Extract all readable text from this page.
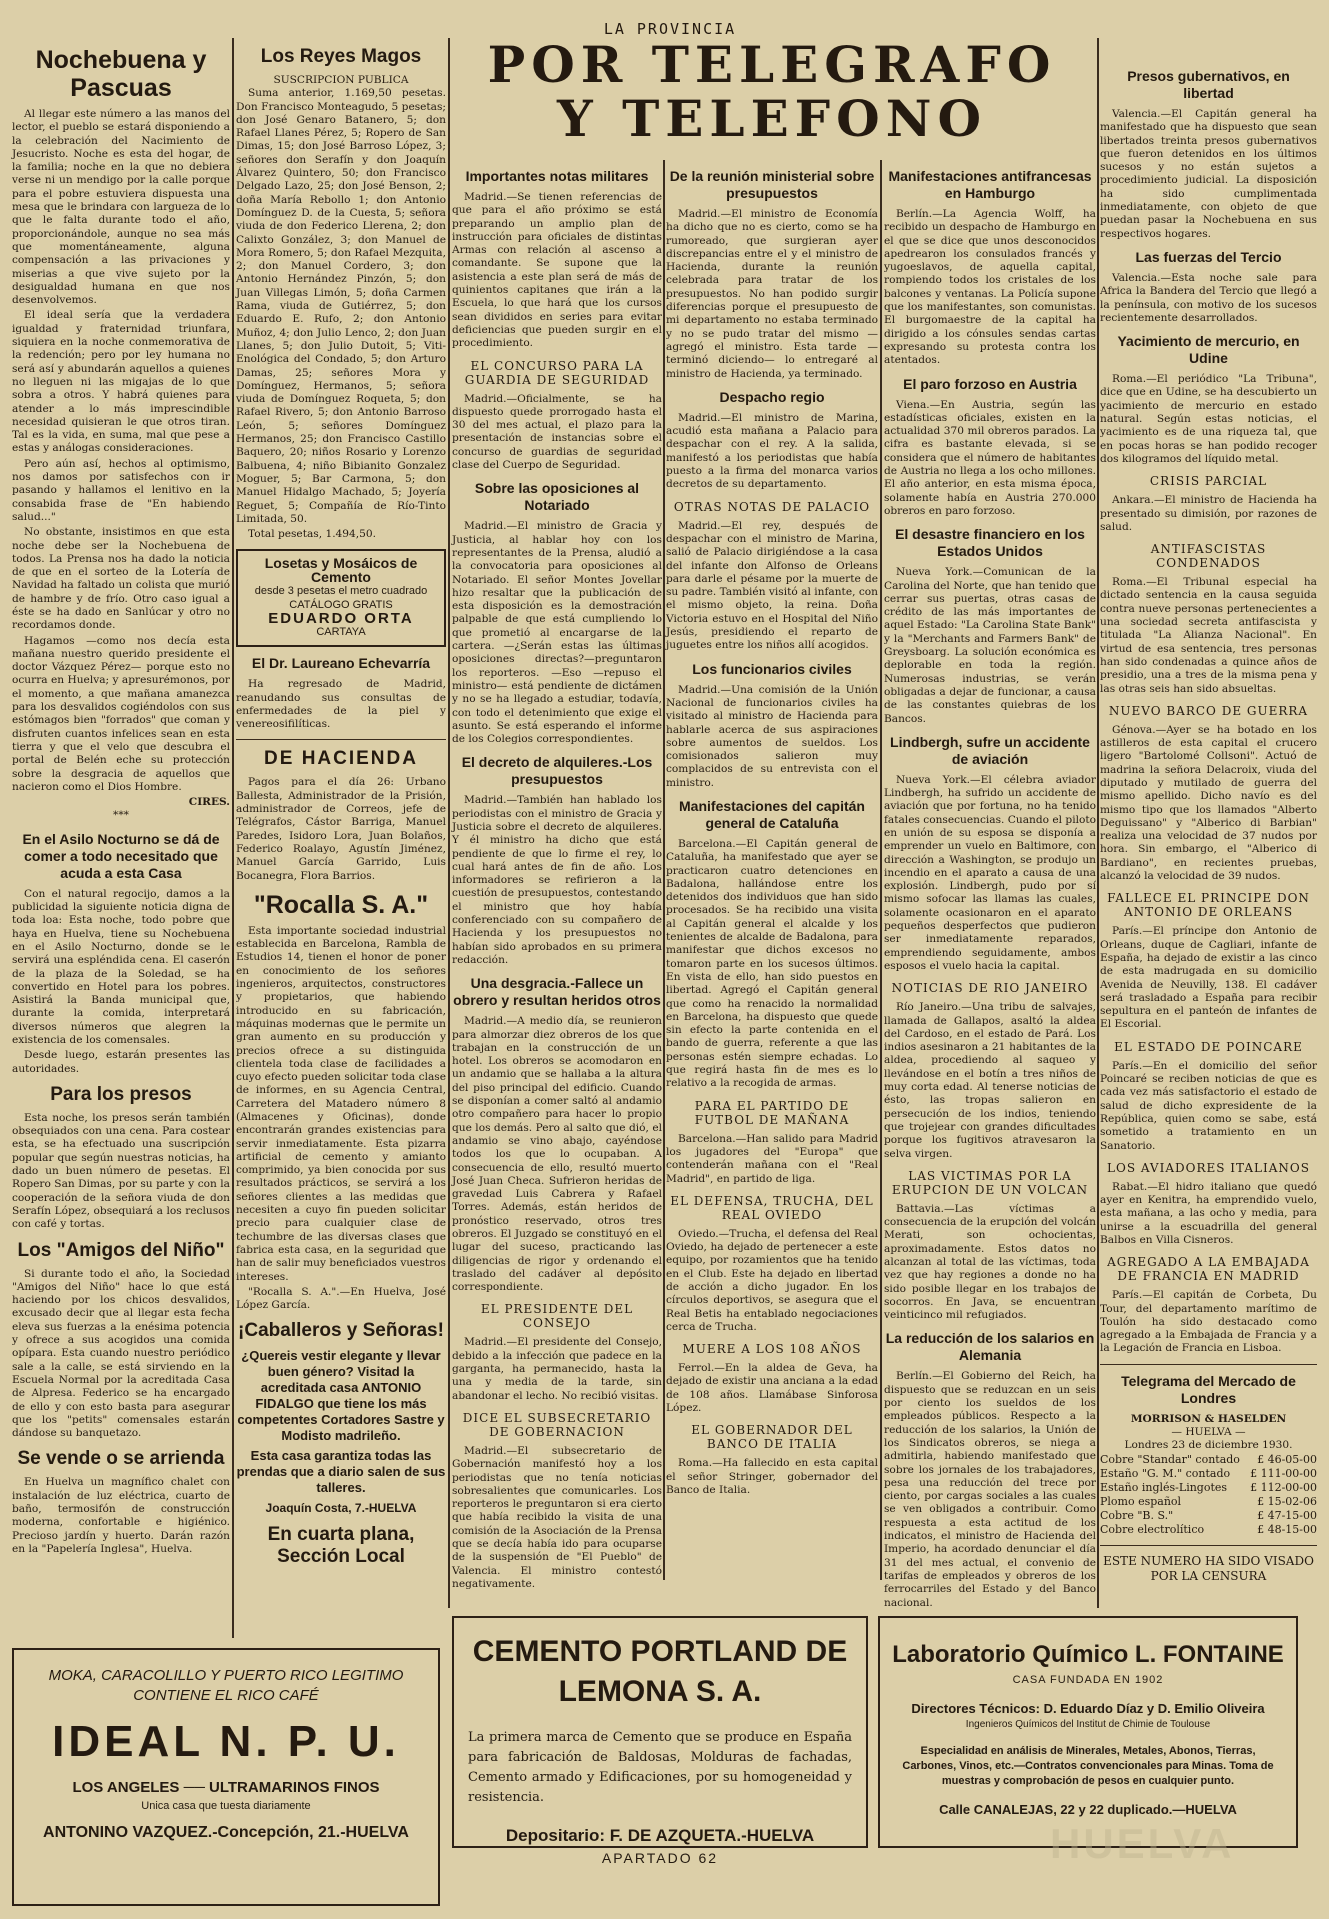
LA PROVINCIA
POR TELEGRAFO
Y TELEFONO
Nochebuena y Pascuas

Al llegar este número a las manos del lector, el pueblo se estará disponiendo a la celebración del Nacimiento de Jesucristo. Noche es esta del hogar, de la familia; noche en la que no debiera verse ni un mendigo por la calle porque para el pobre estuviera dispuesta una mesa que le brindara con largueza de lo que le falta durante todo el año, proporcionándole, aunque no sea más que momentáneamente, alguna compensación a las privaciones y miserias a que vive sujeto por la desigualdad humana en que nos desenvolvemos.

El ideal sería que la verdadera igualdad y fraternidad triunfara, siquiera en la noche conmemorativa de la redención; pero por ley humana no será así y abundarán aquellos a quienes no lleguen ni las migajas de lo que sobra a otros. Y habrá quienes para atender a lo más imprescindible necesidad quisieran le que otros tiran. Tal es la vida, en suma, mal que pese a estas y análogas consideraciones.

Pero aún así, hechos al optimismo, nos damos por satisfechos con ir pasando y hallamos el lenitivo en la consabida frase de "En habiendo salud..."

No obstante, insistimos en que esta noche debe ser la Nochebuena de todos. La Prensa nos ha dado la noticia de que en el sorteo de la Lotería de Navidad ha faltado un colista que murió de hambre y de frío. Otro caso igual a éste se ha dado en Sanlúcar y otro no recordamos donde.

Hagamos —como nos decía esta mañana nuestro querido presidente el doctor Vázquez Pérez— porque esto no ocurra en Huelva; y apresurémonos, por el momento, a que mañana amanezca para los desvalidos cogiéndolos con sus estómagos bien "forrados" que coman y disfruten cuantos infelices sean en esta tierra y que el velo que descubra el portal de Belén eche su protección sobre la desgracia de aquellos que nacieron como el Dios Hombre.

CIRES.
***
En el Asilo Nocturno se dá de comer a todo necesitado que acuda a esta Casa

Con el natural regocijo, damos a la publicidad la siguiente noticia digna de toda loa: Esta noche, todo pobre que haya en Huelva, tiene su Nochebuena en el Asilo Nocturno, donde se le servirá una espléndida cena. El caserón de la plaza de la Soledad, se ha convertido en Hotel para los pobres. Asistirá la Banda municipal que, durante la comida, interpretará diversos números que alegren la existencia de los comensales.

Desde luego, estarán presentes las autoridades.

Para los presos

Esta noche, los presos serán también obsequiados con una cena. Para costear esta, se ha efectuado una suscripción popular que según nuestras noticias, ha dado un buen número de pesetas. El Ropero San Dimas, por su parte y con la cooperación de la señora viuda de don Serafín López, obsequiará a los reclusos con café y tortas.

Los "Amigos del Niño"

Si durante todo el año, la Sociedad "Amigos del Niño" hace lo que está haciendo por los chicos desvalidos, excusado decir que al llegar esta fecha eleva sus fuerzas a la enésima potencia y ofrece a sus acogidos una comida opípara. Esta cuando nuestro periódico sale a la calle, se está sirviendo en la Escuela Normal por la acreditada Casa de Alpresa. Federico se ha encargado de ello y con esto basta para asegurar que los "petits" comensales estarán dándose su banquetazo.

Se vende o se arrienda

En Huelva un magnífico chalet con instalación de luz eléctrica, cuarto de baño, termosifón de construcción moderna, confortable e higiénico. Precioso jardín y huerto. Darán razón en la "Papelería Inglesa", Huelva.

Los Reyes Magos
SUSCRIPCION PUBLICA

Suma anterior, 1.169,50 pesetas. Don Francisco Monteagudo, 5 pesetas; don José Genaro Batanero, 5; don Rafael Llanes Pérez, 5; Ropero de San Dimas, 15; don José Barroso López, 3; señores don Serafín y don Joaquín Álvarez Quintero, 50; don Francisco Delgado Lazo, 25; don José Benson, 2; doña María Rebollo 1; don Antonio Domínguez D. de la Cuesta, 5; señora viuda de don Federico Llerena, 2; don Calixto González, 3; don Manuel de Mora Romero, 5; don Rafael Mezquita, 2; don Manuel Cordero, 3; don Antonio Hernández Pinzón, 5; don Juan Villegas Limón, 5; doña Carmen Rama, viuda de Gutiérrez, 5; don Eduardo E. Rufo, 2; don Antonio Muñoz, 4; don Julio Lenco, 2; don Juan Llanes, 5; don Julio Dutoit, 5; Viti-Enológica del Condado, 5; don Arturo Damas, 25; señores Mora y Domínguez, Hermanos, 5; señora viuda de Domínguez Roqueta, 5; don Rafael Rivero, 5; don Antonio Barroso León, 5; señores Domínguez Hermanos, 25; don Francisco Castillo Baquero, 20; niños Rosario y Lorenzo Balbuena, 4; niño Bibianito Gonzalez Moguer, 5; Bar Carmona, 5; don Manuel Hidalgo Machado, 5; Joyería Reguet, 5; Compañía de Río-Tinto Limitada, 50.

Total pesetas, 1.494,50.

Losetas y Mosáicos de Cemento
desde 3 pesetas el metro cuadrado
CATÁLOGO GRATIS
EDUARDO ORTA
CARTAYA
El Dr. Laureano Echevarría

Ha regresado de Madrid, reanudando sus consultas de enfermedades de la piel y venereosifilíticas.

DE HACIENDA

Pagos para el día 26: Urbano Ballesta, Administrador de la Prisión, administrador de Correos, jefe de Telégrafos, Cástor Barriga, Manuel Paredes, Isidoro Lora, Juan Bolaños, Federico Roalayo, Agustín Jiménez, Manuel García Garrido, Luis Bocanegra, Flora Barrios.

"Rocalla S. A."

Esta importante sociedad industrial establecida en Barcelona, Rambla de Estudios 14, tienen el honor de poner en conocimiento de los señores ingenieros, arquitectos, constructores y propietarios, que habiendo introducido en su fabricación, máquinas modernas que le permite un gran aumento en su producción y precios ofrece a su distinguida clientela toda clase de facilidades a cuyo efecto pueden solicitar toda clase de informes, en su Agencia Central, Carretera del Matadero número 8 (Almacenes y Oficinas), donde encontrarán grandes existencias para servir inmediatamente. Esta pizarra artificial de cemento y amianto comprimido, ya bien conocida por sus resultados prácticos, se servirá a los señores clientes a las medidas que necesiten a cuyo fin pueden solicitar precio para cualquier clase de techumbre de las diversas clases que fabrica esta casa, en la seguridad que han de salir muy beneficiados vuestros intereses.

"Rocalla S. A.".—En Huelva, José López García.

¡Caballeros y Señoras!
¿Quereis vestir elegante y llevar buen género? Visitad la acreditada casa ANTONIO FIDALGO que tiene los más competentes Cortadores Sastre y Modisto madrileño.
Esta casa garantiza todas las prendas que a diario salen de sus talleres.
Joaquín Costa, 7.-HUELVA
En cuarta plana, Sección Local
Importantes notas militares

Madrid.—Se tienen referencias de que para el año próximo se está preparando un amplio plan de instrucción para oficiales de distintas Armas con relación al ascenso a comandante. Se supone que la asistencia a este plan será de más de quinientos capitanes que irán a la Escuela, lo que hará que los cursos sean divididos en series para evitar deficiencias que pueden surgir en el procedimiento.

EL CONCURSO PARA LA GUARDIA DE SEGURIDAD

Madrid.—Oficialmente, se ha dispuesto quede prorrogado hasta el 30 del mes actual, el plazo para la presentación de instancias sobre el concurso de guardias de seguridad clase del Cuerpo de Seguridad.

Sobre las oposiciones al Notariado

Madrid.—El ministro de Gracia y Justicia, al hablar hoy con los representantes de la Prensa, aludió a la convocatoria para oposiciones al Notariado. El señor Montes Jovellar hizo resaltar que la publicación de esta disposición es la demostración palpable de que está cumpliendo lo que prometió al encargarse de la cartera. —¿Serán estas las últimas oposiciones directas?—preguntaron los reporteros. —Eso —repuso el ministro— está pendiente de dictámen y no se ha llegado a estudiar, todavía, con todo el detenimiento que exige el asunto. Se está esperando el informe de los Colegios correspondientes.

El decreto de alquileres.-Los presupuestos

Madrid.—También han hablado los periodistas con el ministro de Gracia y Justicia sobre el decreto de alquileres. Y él ministro ha dicho que está pendiente de que lo firme el rey, lo cual hará antes de fin de año. Los informadores se refirieron a la cuestión de presupuestos, contestando el ministro que hoy había conferenciado con su compañero de Hacienda y los presupuestos no habían sido aprobados en su primera redacción.

Una desgracia.-Fallece un obrero y resultan heridos otros

Madrid.—A medio día, se reunieron para almorzar diez obreros de los que trabajan en la construcción de un hotel. Los obreros se acomodaron en un andamio que se hallaba a la altura del piso principal del edificio. Cuando se disponían a comer saltó al andamio otro compañero para hacer lo propio que los demás. Pero al salto que dió, el andamio se vino abajo, cayéndose todos los que lo ocupaban. A consecuencia de ello, resultó muerto José Juan Checa. Sufrieron heridas de gravedad Luis Cabrera y Rafael Torres. Además, están heridos de pronóstico reservado, otros tres obreros. El Juzgado se constituyó en el lugar del suceso, practicando las diligencias de rigor y ordenando el traslado del cadáver al depósito correspondiente.

EL PRESIDENTE DEL CONSEJO

Madrid.—El presidente del Consejo, debido a la infección que padece en la garganta, ha permanecido, hasta la una y media de la tarde, sin abandonar el lecho. No recibió visitas.

DICE EL SUBSECRETARIO DE GOBERNACION

Madrid.—El subsecretario de Gobernación manifestó hoy a los periodistas que no tenía noticias sobresalientes que comunicarles. Los reporteros le preguntaron si era cierto que había recibido la visita de una comisión de la Asociación de la Prensa que se decía había ido para ocuparse de la suspensión de "El Pueblo" de Valencia. El ministro contestó negativamente.

De la reunión ministerial sobre presupuestos

Madrid.—El ministro de Economía ha dicho que no es cierto, como se ha rumoreado, que surgieran ayer discrepancias entre el y el ministro de Hacienda, durante la reunión celebrada para tratar de los presupuestos. No han podido surgir diferencias porque el presupuesto de mi departamento no estaba terminado y no se pudo tratar del mismo —agregó el ministro. Esta tarde —terminó diciendo— lo entregaré al ministro de Hacienda, ya terminado.

Despacho regio

Madrid.—El ministro de Marina, acudió esta mañana a Palacio para despachar con el rey. A la salida, manifestó a los periodistas que había puesto a la firma del monarca varios decretos de su departamento.

OTRAS NOTAS DE PALACIO

Madrid.—El rey, después de despachar con el ministro de Marina, salió de Palacio dirigiéndose a la casa del infante don Alfonso de Orleans para darle el pésame por la muerte de su padre. También visitó al infante, con el mismo objeto, la reina. Doña Victoria estuvo en el Hospital del Niño Jesús, presidiendo el reparto de juguetes entre los niños allí acogidos.

Los funcionarios civiles

Madrid.—Una comisión de la Unión Nacional de funcionarios civiles ha visitado al ministro de Hacienda para hablarle acerca de sus aspiraciones sobre aumentos de sueldos. Los comisionados salieron muy complacidos de su entrevista con el ministro.

Manifestaciones del capitán general de Cataluña

Barcelona.—El Capitán general de Cataluña, ha manifestado que ayer se practicaron cuatro detenciones en Badalona, hallándose entre los detenidos dos individuos que han sido procesados. Se ha recibido una visita al Capitán general el alcalde y los tenientes de alcalde de Badalona, para manifestar que dichos excesos no tomaron parte en los sucesos últimos. En vista de ello, han sido puestos en libertad. Agregó el Capitán general que como ha renacido la normalidad en Barcelona, ha dispuesto que quede sin efecto la parte contenida en el bando de guerra, referente a que las personas estén siempre echadas. Lo que regirá hasta fin de mes es lo relativo a la recogida de armas.

PARA EL PARTIDO DE FUTBOL DE MAÑANA

Barcelona.—Han salido para Madrid los jugadores del "Europa" que contenderán mañana con el "Real Madrid", en partido de liga.

EL DEFENSA, TRUCHA, DEL REAL OVIEDO

Oviedo.—Trucha, el defensa del Real Oviedo, ha dejado de pertenecer a este equipo, por rozamientos que ha tenido en el Club. Este ha dejado en libertad de acción a dicho jugador. En los círculos deportivos, se asegura que el Real Betis ha entablado negociaciones cerca de Trucha.

MUERE A LOS 108 AÑOS

Ferrol.—En la aldea de Geva, ha dejado de existir una anciana a la edad de 108 años. Llamábase Sinforosa López.

EL GOBERNADOR DEL BANCO DE ITALIA

Roma.—Ha fallecido en esta capital el señor Stringer, gobernador del Banco de Italia.

Manifestaciones antifrancesas en Hamburgo

Berlín.—La Agencia Wolff, ha recibido un despacho de Hamburgo en el que se dice que unos desconocidos apedrearon los consulados francés y yugoeslavos, de aquella capital, rompiendo todos los cristales de los balcones y ventanas. La Policía supone que los manifestantes, son comunistas. El burgomaestre de la capital ha dirigido a los cónsules sendas cartas expresando su protesta contra los atentados.

El paro forzoso en Austria

Viena.—En Austria, según las estadísticas oficiales, existen en la actualidad 370 mil obreros parados. La cifra es bastante elevada, si se considera que el número de habitantes de Austria no llega a los ocho millones. El año anterior, en esta misma época, solamente había en Austria 270.000 obreros en paro forzoso.

El desastre financiero en los Estados Unidos

Nueva York.—Comunican de la Carolina del Norte, que han tenido que cerrar sus puertas, otras casas de crédito de las más importantes de aquel Estado: "La Carolina State Bank" y la "Merchants and Farmers Bank" de Greysboarg. La solución económica es deplorable en toda la región. Numerosas industrias, se verán obligadas a dejar de funcionar, a causa de las constantes quiebras de los Bancos.

Lindbergh, sufre un accidente de aviación

Nueva York.—El célebra aviador Lindbergh, ha sufrido un accidente de aviación que por fortuna, no ha tenido fatales consecuencias. Cuando el piloto en unión de su esposa se disponía a emprender un vuelo en Baltimore, con dirección a Washington, se produjo un incendio en el aparato a causa de una explosión. Lindbergh, pudo por sí mismo sofocar las llamas las cuales, solamente ocasionaron en el aparato pequeños desperfectos que pudieron ser inmediatamente reparados, emprendiendo seguidamente, ambos esposos el vuelo hacia la capital.

NOTICIAS DE RIO JANEIRO

Río Janeiro.—Una tribu de salvajes, llamada de Gallapos, asaltó la aldea del Cardoso, en el estado de Pará. Los indios asesinaron a 21 habitantes de la aldea, procediendo al saqueo y llevándose en el botín a tres niños de muy corta edad. Al tenerse noticias de ésto, las tropas salieron en persecución de los indios, teniendo que trojejear con grandes dificultades porque los fugitivos atravesaron la selva virgen.

LAS VICTIMAS POR LA ERUPCION DE UN VOLCAN

Battavia.—Las víctimas a consecuencia de la erupción del volcán Merati, son ochocientas, aproximadamente. Estos datos no alcanzan al total de las víctimas, toda vez que hay regiones a donde no ha sido posible llegar en los trabajos de socorros. En Java, se encuentran veinticinco mil refugiados.

La reducción de los salarios en Alemania

Berlín.—El Gobierno del Reich, ha dispuesto que se reduzcan en un seis por ciento los sueldos de los empleados públicos. Respecto a la reducción de los salarios, la Unión de los Sindicatos obreros, se niega a admitirla, habiendo manifestado que sobre los jornales de los trabajadores, pesa una reducción del trece por ciento, por cargas sociales a las cuales se ven obligados a contribuir. Como respuesta a esta actitud de los indicatos, el ministro de Hacienda del Imperio, ha acordado denunciar el día 31 del mes actual, el convenio de tarifas de empleados y obreros de los ferrocarriles del Estado y del Banco nacional.

Presos gubernativos, en libertad

Valencia.—El Capitán general ha manifestado que ha dispuesto que sean libertados treinta presos gubernativos que fueron detenidos en los últimos sucesos y no están sujetos a procedimiento judicial. La disposición ha sido cumplimentada inmediatamente, con objeto de que puedan pasar la Nochebuena en sus respectivos hogares.

Las fuerzas del Tercio

Valencia.—Esta noche sale para Africa la Bandera del Tercio que llegó a la península, con motivo de los sucesos recientemente desarrollados.

Yacimiento de mercurio, en Udine

Roma.—El periódico "La Tribuna", dice que en Udine, se ha descubierto un yacimiento de mercurio en estado natural. Según estas noticias, el yacimiento es de una riqueza tal, que en pocas horas se han podido recoger dos kilogramos del líquido metal.

CRISIS PARCIAL

Ankara.—El ministro de Hacienda ha presentado su dimisión, por razones de salud.

ANTIFASCISTAS CONDENADOS

Roma.—El Tribunal especial ha dictado sentencia en la causa seguida contra nueve personas pertenecientes a una sociedad secreta antifascista y titulada "La Alianza Nacional". En virtud de esa sentencia, tres personas han sido condenadas a quince años de presidio, una a tres de la misma pena y las otras seis han sido absueltas.

NUEVO BARCO DE GUERRA

Génova.—Ayer se ha botado en los astilleros de esta capital el crucero ligero "Bartolomé Collsoni". Actuó de madrina la señora Delacroix, viuda del diputado y mutilado de guerra del mismo apellido. Dicho navío es del mismo tipo que los llamados "Alberto Deguissano" y "Alberico di Barbian" realiza una velocidad de 37 nudos por hora. Sin embargo, el "Alberico di Bardiano", en recientes pruebas, alcanzó la velocidad de 39 nudos.

FALLECE EL PRINCIPE DON ANTONIO DE ORLEANS

París.—El príncipe don Antonio de Orleans, duque de Cagliari, infante de España, ha dejado de existir a las cinco de esta madrugada en su domicilio Avenida de Neuvilly, 138. El cadáver será trasladado a España para recibir sepultura en el panteón de infantes de El Escorial.

EL ESTADO DE POINCARE

París.—En el domicilio del señor Poincaré se reciben noticias de que es cada vez más satisfactorio el estado de salud de dicho expresidente de la República, quien como se sabe, está sometido a tratamiento en un Sanatorio.

LOS AVIADORES ITALIANOS

Rabat.—El hidro italiano que quedó ayer en Kenitra, ha emprendido vuelo, esta mañana, a las ocho y media, para unirse a la escuadrilla del general Balbos en Villa Cisneros.

AGREGADO A LA EMBAJADA DE FRANCIA EN MADRID

París.—El capitán de Corbeta, Du Tour, del departamento marítimo de Toulón ha sido destacado como agregado a la Embajada de Francia y a la Legación de Francia en Lisboa.

Telegrama del Mercado de Londres
MORRISON & HASELDEN
— HUELVA —
Londres 23 de diciembre 1930.
Cobre "Standar" contado £ 46-05-00
Estaño "G. M." contado £ 111-00-00
Estaño inglés-Lingotes £ 112-00-00
Plomo español	£ 15-02-06
Cobre "B. S."	£ 47-15-00
Cobre electrolítico	£ 48-15-00
ESTE NUMERO HA SIDO VISADO POR LA CENSURA
MOKA, CARACOLILLO Y PUERTO RICO LEGITIMO
CONTIENE EL RICO CAFÉ
IDEAL N. P. U.
LOS ANGELES ── ULTRAMARINOS FINOS
Unica casa que tuesta diariamente
ANTONINO VAZQUEZ.-Concepción, 21.-HUELVA
CEMENTO PORTLAND DE LEMONA S. A.
La primera marca de Cemento que se produce en España para fabricación de Baldosas, Molduras de fachadas, Cemento armado y Edificaciones, por su homogeneidad y resistencia.
Depositario: F. DE AZQUETA.-HUELVA
APARTADO 62
Laboratorio Químico L. FONTAINE
CASA FUNDADA EN 1902
Directores Técnicos: D. Eduardo Díaz y D. Emilio Oliveira
Ingenieros Químicos del Institut de Chimie de Toulouse
Especialidad en análisis de Minerales, Metales, Abonos, Tierras, Carbones, Vinos, etc.—Contratos convencionales para Minas. Toma de muestras y comprobación de pesos en cualquier punto.
Calle CANALEJAS, 22 y 22 duplicado.—HUELVA
HUELVA
